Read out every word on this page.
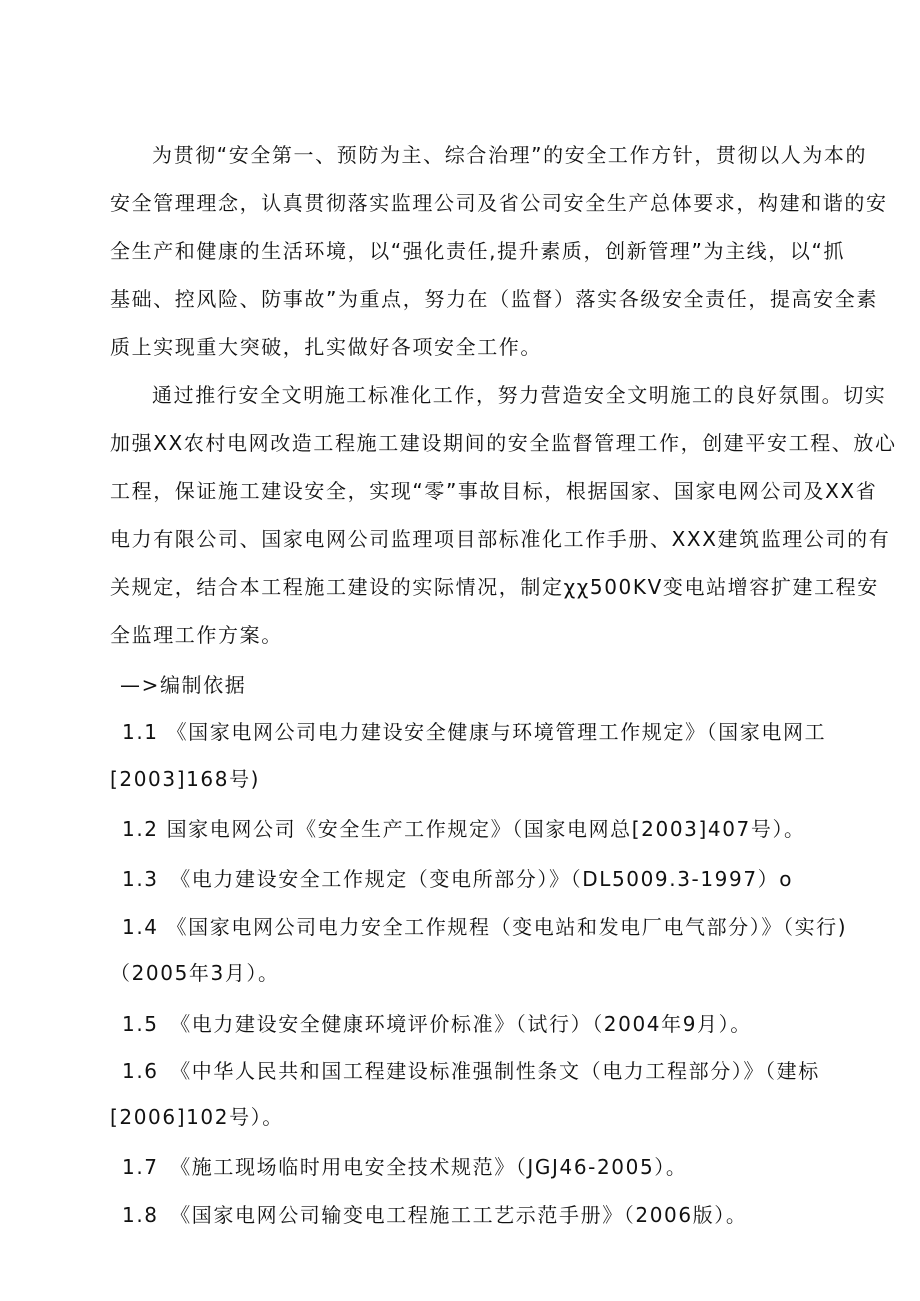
为贯彻“安全第一、预防为主、综合治理”的安全工作方针，贯彻以人为本的
安全管理理念，认真贯彻落实监理公司及省公司安全生产总体要求，构建和谐的安
全生产和健康的生活环境，以“强化责任,提升素质，创新管理”为主线，以“抓
基础、控风险、防事故”为重点，努力在（监督）落实各级安全责任，提高安全素
质上实现重大突破，扎实做好各项安全工作。
通过推行安全文明施工标准化工作，努力营造安全文明施工的良好氛围。切实
加强XX农村电网改造工程施工建设期间的安全监督管理工作，创建平安工程、放心
工程，保证施工建设安全，实现“零”事故目标，根据国家、国家电网公司及XX省
电力有限公司、国家电网公司监理项目部标准化工作手册、XXX建筑监理公司的有
关规定，结合本工程施工建设的实际情况，制定χχ500KV变电站增容扩建工程安
全监理工作方案。
—>编制依据
1.1 《国家电网公司电力建设安全健康与环境管理工作规定》（国家电网工
[2003]168号)
1.2 国家电网公司《安全生产工作规定》（国家电网总[2003]407号）。
1.3　《电力建设安全工作规定（变电所部分）》（DL5009.3-1997）o
1.4 《国家电网公司电力安全工作规程（变电站和发电厂电气部分）》（实行)
（2005年3月）。
1.5　《电力建设安全健康环境评价标准》（试行）（2004年9月）。
1.6　《中华人民共和国工程建设标准强制性条文（电力工程部分）》（建标
[2006]102号）。
1.7　《施工现场临时用电安全技术规范》（JGJ46-2005）。
1.8　《国家电网公司输变电工程施工工艺示范手册》（2006版）。
